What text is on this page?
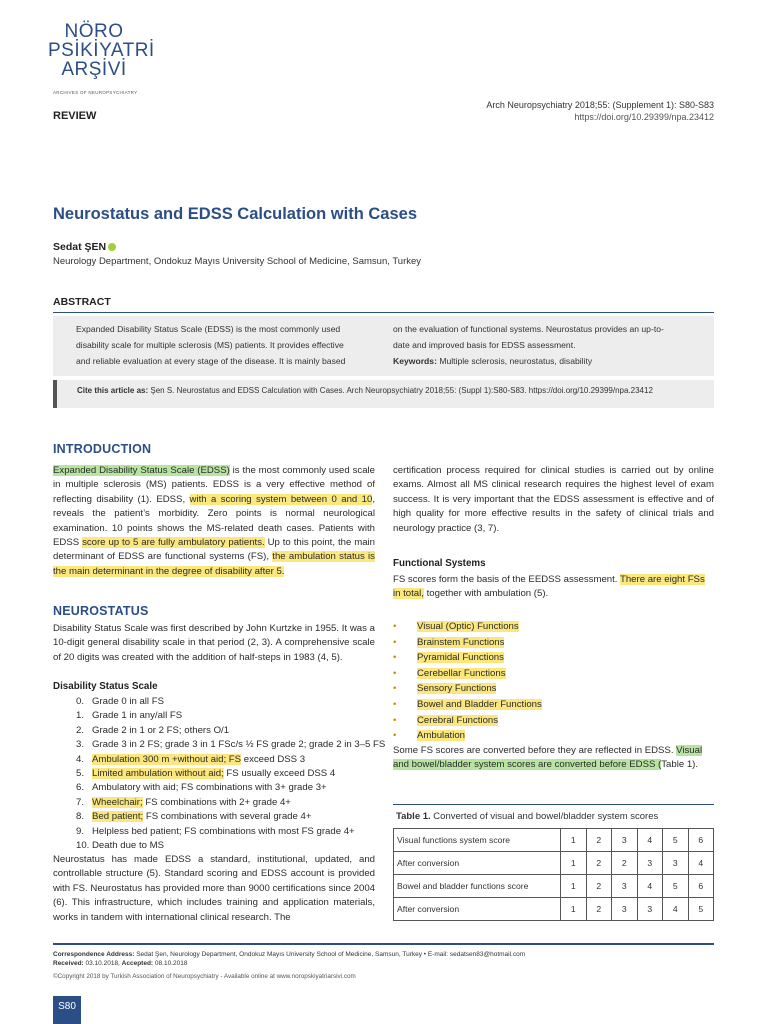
NÖRO
PSİKİYATRİ
ARŞİVİ
ARCHIVES OF NEUROPSYCHIATRY
REVIEW
Arch Neuropsychiatry 2018;55: (Supplement 1): S80-S83
https://doi.org/10.29399/npa.23412
Neurostatus and EDSS Calculation with Cases
Sedat ŞEN
Neurology Department, Ondokuz Mayıs University School of Medicine, Samsun, Turkey
ABSTRACT
Expanded Disability Status Scale (EDSS) is the most commonly used
disability scale for multiple sclerosis (MS) patients. It provides effective
and reliable evaluation at every stage of the disease. It is mainly based
on the evaluation of functional systems. Neurostatus provides an up-to-
date and improved basis for EDSS assessment.
Keywords: Multiple sclerosis, neurostatus, disability
Cite this article as: Şen S. Neurostatus and EDSS Calculation with Cases. Arch Neuropsychiatry 2018;55: (Suppl 1):S80-S83. https://doi.org/10.29399/npa.23412
INTRODUCTION
Expanded Disability Status Scale (EDSS) is the most commonly used scale in multiple sclerosis (MS) patients. EDSS is a very effective method of reflecting disability (1). EDSS, with a scoring system between 0 and 10, reveals the patient’s morbidity. Zero points is normal neurological examination. 10 points shows the MS-related death cases. Patients with EDSS score up to 5 are fully ambulatory patients. Up to this point, the main determinant of EDSS are functional systems (FS), the ambulation status is the main determinant in the degree of disability after 5.
NEUROSTATUS
Disability Status Scale was first described by John Kurtzke in 1955. It was a 10-digit general disability scale in that period (2, 3). A comprehensive scale of 20 digits was created with the addition of half-steps in 1983 (4, 5).
Disability Status Scale
0. Grade 0 in all FS
1. Grade 1 in any/all FS
2. Grade 2 in 1 or 2 FS; others O/1
3. Grade 3 in 2 FS; grade 3 in 1 FSc/s ½ FS grade 2; grade 2 in 3–5 FS
4. Ambulation 300 m +without aid; FS exceed DSS 3
5. Limited ambulation without aid; FS usually exceed DSS 4
6. Ambulatory with aid; FS combinations with 3+ grade 3+
7. Wheelchair; FS combinations with 2+ grade 4+
8. Bed patient; FS combinations with several grade 4+
9. Helpless bed patient; FS combinations with most FS grade 4+
10. Death due to MS
Neurostatus has made EDSS a standard, institutional, updated, and controllable structure (5). Standard scoring and EDSS account is provided with FS. Neurostatus has provided more than 9000 certifications since 2004 (6). This infrastructure, which includes training and application materials, works in tandem with international clinical research. The
certification process required for clinical studies is carried out by online exams. Almost all MS clinical research requires the highest level of exam success. It is very important that the EDSS assessment is effective and of high quality for more effective results in the safety of clinical trials and neurology practice (3, 7).
Functional Systems
FS scores form the basis of the EEDSS assessment. There are eight FSs in total, together with ambulation (5).
• Visual (Optic) Functions
• Brainstem Functions
• Pyramidal Functions
• Cerebellar Functions
• Sensory Functions
• Bowel and Bladder Functions
• Cerebral Functions
• Ambulation
Some FS scores are converted before they are reflected in EDSS. Visual and bowel/bladder system scores are converted before EDSS (Table 1).
Table 1. Converted of visual and bowel/bladder system scores
Visual functions system score	1	2	3	4	5	6
After conversion	1	2	2	3	3	4
Bowel and bladder functions score	1	2	3	4	5	6
After conversion	1	2	3	3	4	5
Correspondence Address: Sedat Şen, Neurology Department, Ondokuz Mayıs University School of Medicine, Samsun, Turkey • E-mail: sedatsen83@hotmail.com
Received: 03.10.2018, Accepted: 08.10.2018
©Copyright 2018 by Turkish Association of Neuropsychiatry - Available online at www.noropskiyatriarsivi.com
S80
